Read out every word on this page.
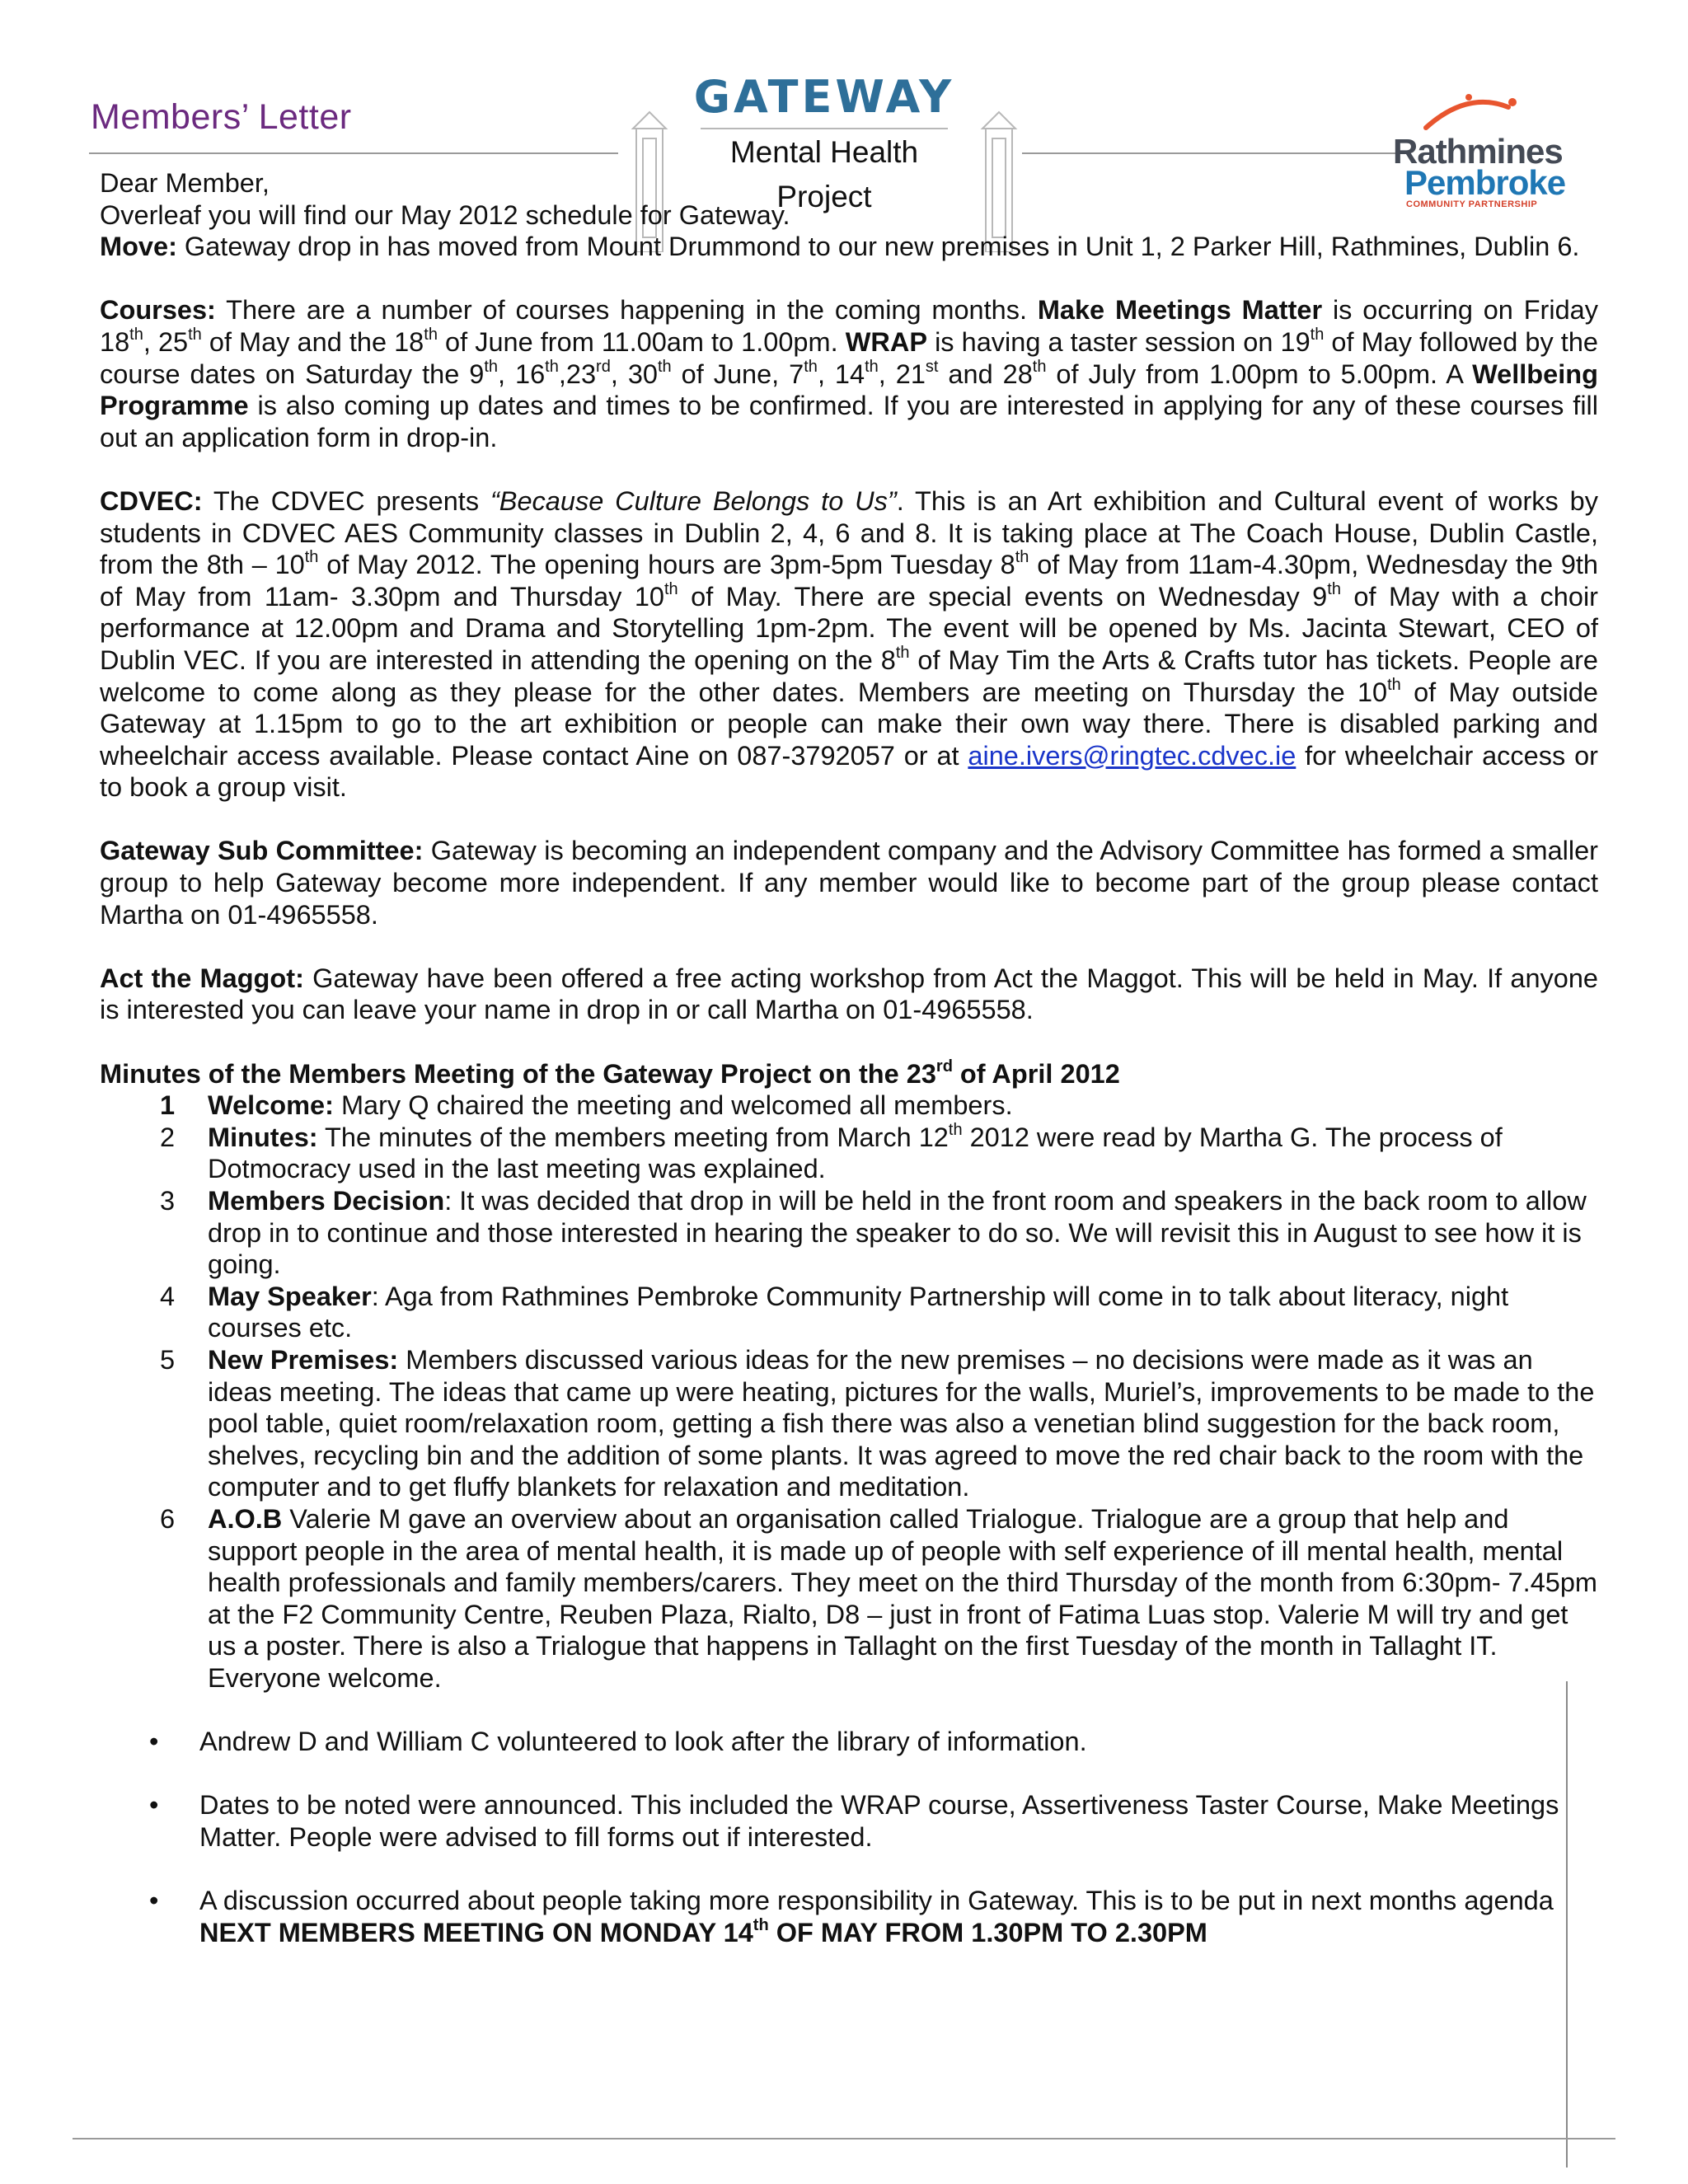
Members’ Letter	GATEWAY
Mental Health
Project
Rathmines
Pembroke
COMMUNITY PARTNERSHIP

Dear Member,

Overleaf you will find our May 2012 schedule for Gateway.

Move: Gateway drop in has moved from Mount Drummond to our new premises in Unit 1, 2 Parker Hill, Rathmines, Dublin 6.

Courses: There are a number of courses happening in the coming months. Make Meetings Matter is occurring on Friday 18th, 25th of May and the 18th of June from 11.00am to 1.00pm. WRAP is having a taster session on 19th of May followed by the course dates on Saturday the 9th, 16th,23rd, 30th of June, 7th, 14th, 21st and 28th of July from 1.00pm to 5.00pm. A Wellbeing Programme is also coming up dates and times to be confirmed. If you are interested in applying for any of these courses fill out an application form in drop-in.

CDVEC: The CDVEC presents “Because Culture Belongs to Us”. This is an Art exhibition and Cultural event of works by students in CDVEC AES Community classes in Dublin 2, 4, 6 and 8. It is taking place at The Coach House, Dublin Castle, from the 8th – 10th of May 2012. The opening hours are 3pm-5pm Tuesday 8th of May from 11am-4.30pm, Wednesday the 9th of May from 11am- 3.30pm and Thursday 10th of May. There are special events on Wednesday 9th of May with a choir performance at 12.00pm and Drama and Storytelling 1pm-2pm. The event will be opened by Ms. Jacinta Stewart, CEO of Dublin VEC. If you are interested in attending the opening on the 8th of May Tim the Arts & Crafts tutor has tickets. People are welcome to come along as they please for the other dates. Members are meeting on Thursday the 10th of May outside Gateway at 1.15pm to go to the art exhibition or people can make their own way there. There is disabled parking and wheelchair access available. Please contact Aine on 087-3792057 or at aine.ivers@ringtec.cdvec.ie for wheelchair access or to book a group visit.

Gateway Sub Committee: Gateway is becoming an independent company and the Advisory Committee has formed a smaller group to help Gateway become more independent. If any member would like to become part of the group please contact Martha on 01-4965558.

Act the Maggot: Gateway have been offered a free acting workshop from Act the Maggot. This will be held in May. If anyone is interested you can leave your name in drop in or call Martha on 01-4965558.

Minutes of the Members Meeting of the Gateway Project on the 23rd of April 2012

1 Welcome: Mary Q chaired the meeting and welcomed all members.
2 Minutes: The minutes of the members meeting from March 12th 2012 were read by Martha G. The process of Dotmocracy used in the last meeting was explained.
3 Members Decision: It was decided that drop in will be held in the front room and speakers in the back room to allow drop in to continue and those interested in hearing the speaker to do so. We will revisit this in August to see how it is going.
4 May Speaker: Aga from Rathmines Pembroke Community Partnership will come in to talk about literacy, night courses etc.
5 New Premises: Members discussed various ideas for the new premises – no decisions were made as it was an ideas meeting. The ideas that came up were heating, pictures for the walls, Muriel’s, improvements to be made to the pool table, quiet room/relaxation room, getting a fish there was also a venetian blind suggestion for the back room, shelves, recycling bin and the addition of some plants. It was agreed to move the red chair back to the room with the computer and to get fluffy blankets for relaxation and meditation.
6 A.O.B Valerie M gave an overview about an organisation called Trialogue. Trialogue are a group that help and support people in the area of mental health, it is made up of people with self experience of ill mental health, mental health professionals and family members/carers. They meet on the third Thursday of the month from 6:30pm- 7.45pm at the F2 Community Centre, Reuben Plaza, Rialto, D8 – just in front of Fatima Luas stop. Valerie M will try and get us a poster. There is also a Trialogue that happens in Tallaght on the first Tuesday of the month in Tallaght IT. Everyone welcome.
• Andrew D and William C volunteered to look after the library of information.
• Dates to be noted were announced. This included the WRAP course, Assertiveness Taster Course, Make Meetings Matter. People were advised to fill forms out if interested.
• A discussion occurred about people taking more responsibility in Gateway. This is to be put in next months agenda

NEXT MEMBERS MEETING ON MONDAY 14th OF MAY FROM 1.30PM TO 2.30PM
